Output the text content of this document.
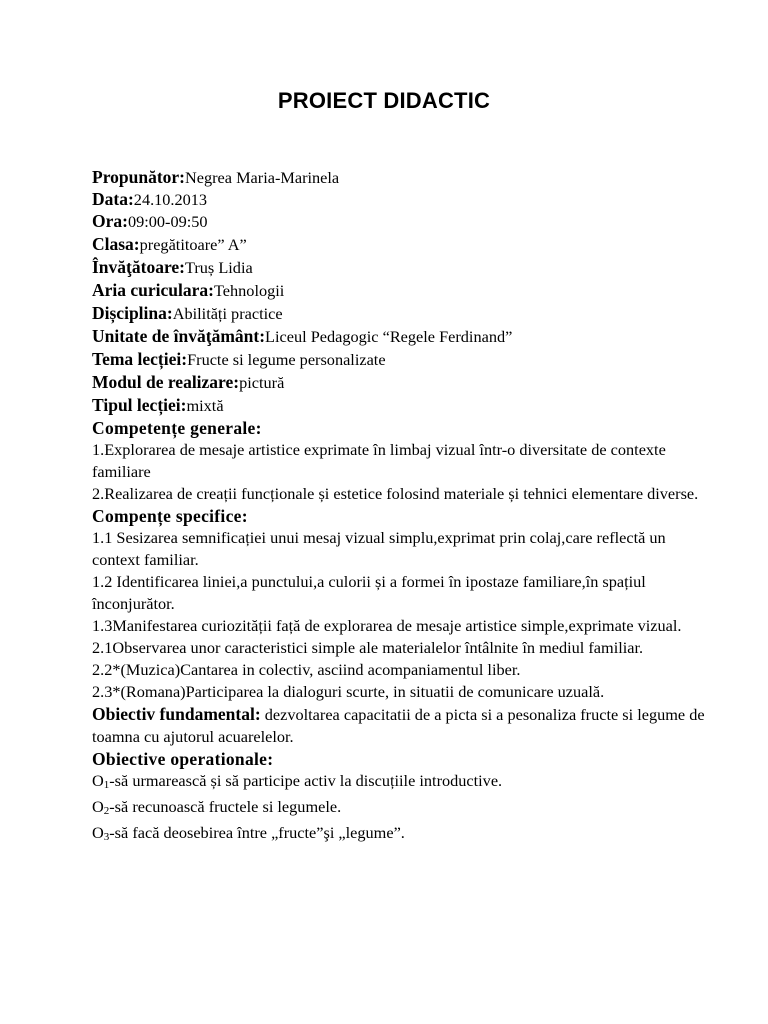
PROIECT DIDACTIC
Propunător:Negrea Maria-Marinela
Data:24.10.2013
Ora:09:00-09:50
Clasa:pregătitoare” A”
Învăţătoare:Truș Lidia
Aria curiculara:Tehnologii
Dișciplina:Abilități practice
Unitate de învăţământ:Liceul Pedagogic “Regele Ferdinand”
Tema lecției:Fructe si legume personalizate
Modul de realizare:pictură
Tipul lecției:mixtă
Competențe generale:
1.Explorarea de mesaje artistice exprimate în limbaj vizual într-o diversitate de contexte familiare
2.Realizarea de creații funcționale și estetice folosind materiale și tehnici elementare diverse.
Compențe specifice:
1.1 Sesizarea semnificației unui mesaj vizual simplu,exprimat prin colaj,care reflectă un context familiar.
1.2 Identificarea liniei,a punctului,a culorii și a formei în ipostaze familiare,în spațiul înconjurător.
1.3Manifestarea curiozității față de explorarea de mesaje artistice simple,exprimate vizual.
2.1Observarea unor caracteristici simple ale materialelor întâlnite în mediul familiar.
2.2*(Muzica)Cantarea in colectiv, asciind acompaniamentul liber.
2.3*(Romana)Participarea la dialoguri scurte, in situatii de comunicare uzuală.
Obiectiv fundamental: dezvoltarea capacitatii de a picta si a pesonaliza fructe si legume de toamna cu ajutorul acuarelelor.
Obiective operationale:
$O_1-să$ urmarească și să participe activ la discuțiile introductive.
$O_2-să$ recunoască fructele si legumele.
$O_3-să$ facă deosebirea între „fructe”şi „legume”.
